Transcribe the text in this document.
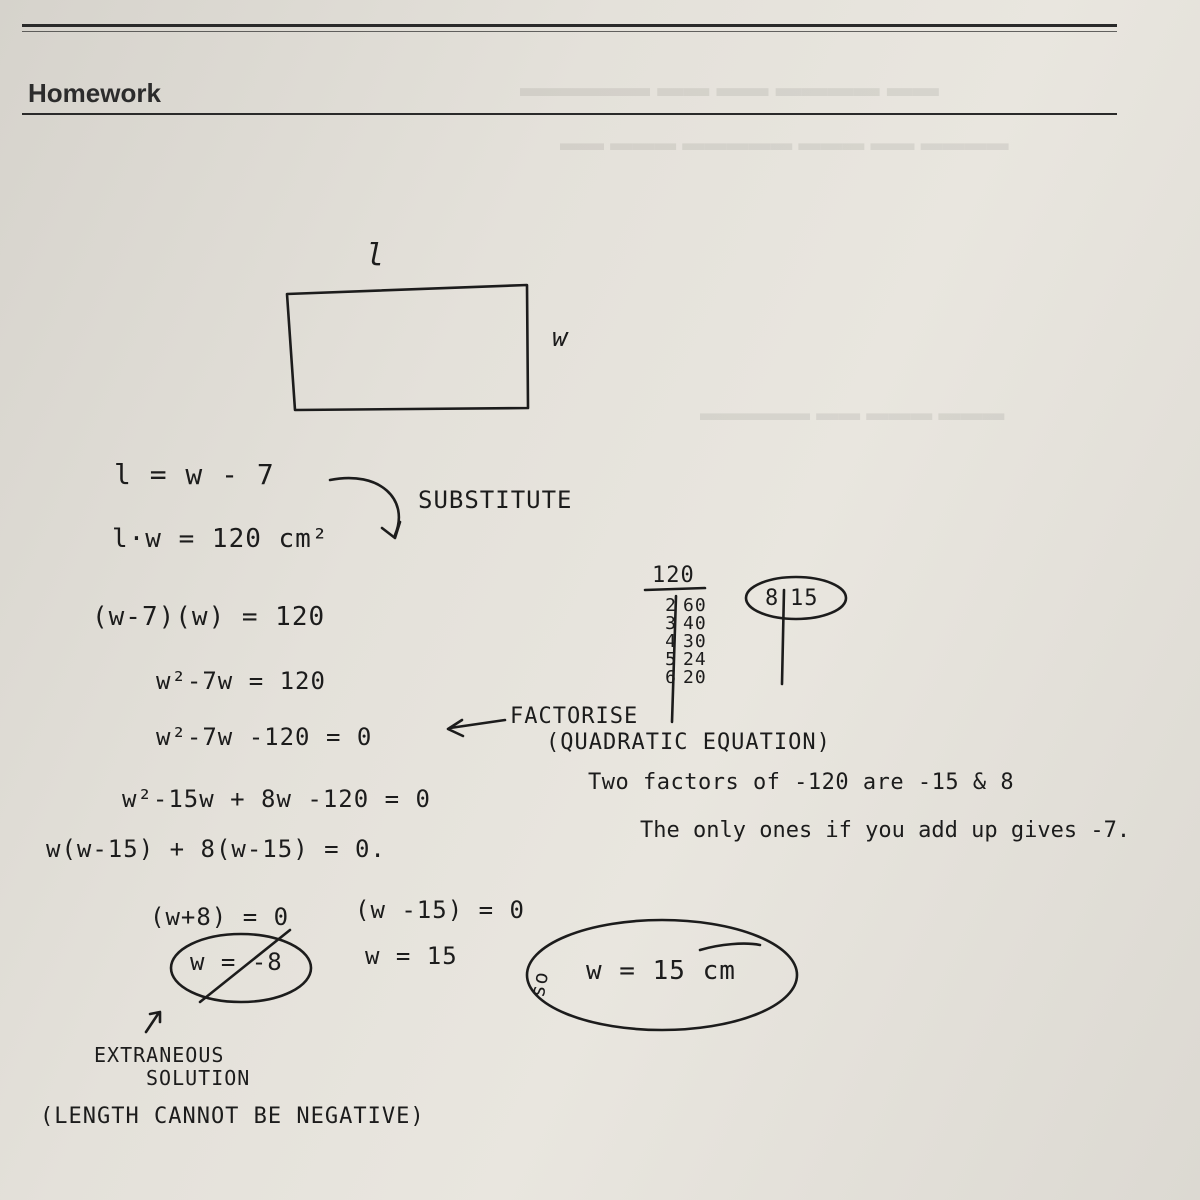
Homework	▬▬ ▬▬▬▬ ▬▬ ▬▬ ▬▬▬▬▬
▬▬▬▬ ▬▬ ▬▬▬ ▬▬▬▬▬ ▬▬▬ ▬▬
▬▬▬ ▬▬▬ ▬▬ ▬▬▬▬▬
l
w
l = w - 7
SUBSTITUTE
l·w = 120 cm²
(w-7)(w) = 120
w²-7w = 120
w²-7w -120 = 0
w²-15w + 8w -120 = 0
w(w-15) + 8(w-15) = 0.
(w+8) = 0	(w -15) = 0
w = -8	w = 15
so w = 15 cm
120
2 60
3 40
4 30
5 24
6 20
8 15
FACTORISE
(QUADRATIC EQUATION)
Two factors of -120 are -15 & 8
The only ones if you add up gives -7.
EXTRANEOUS
SOLUTION
(LENGTH CANNOT BE NEGATIVE)
